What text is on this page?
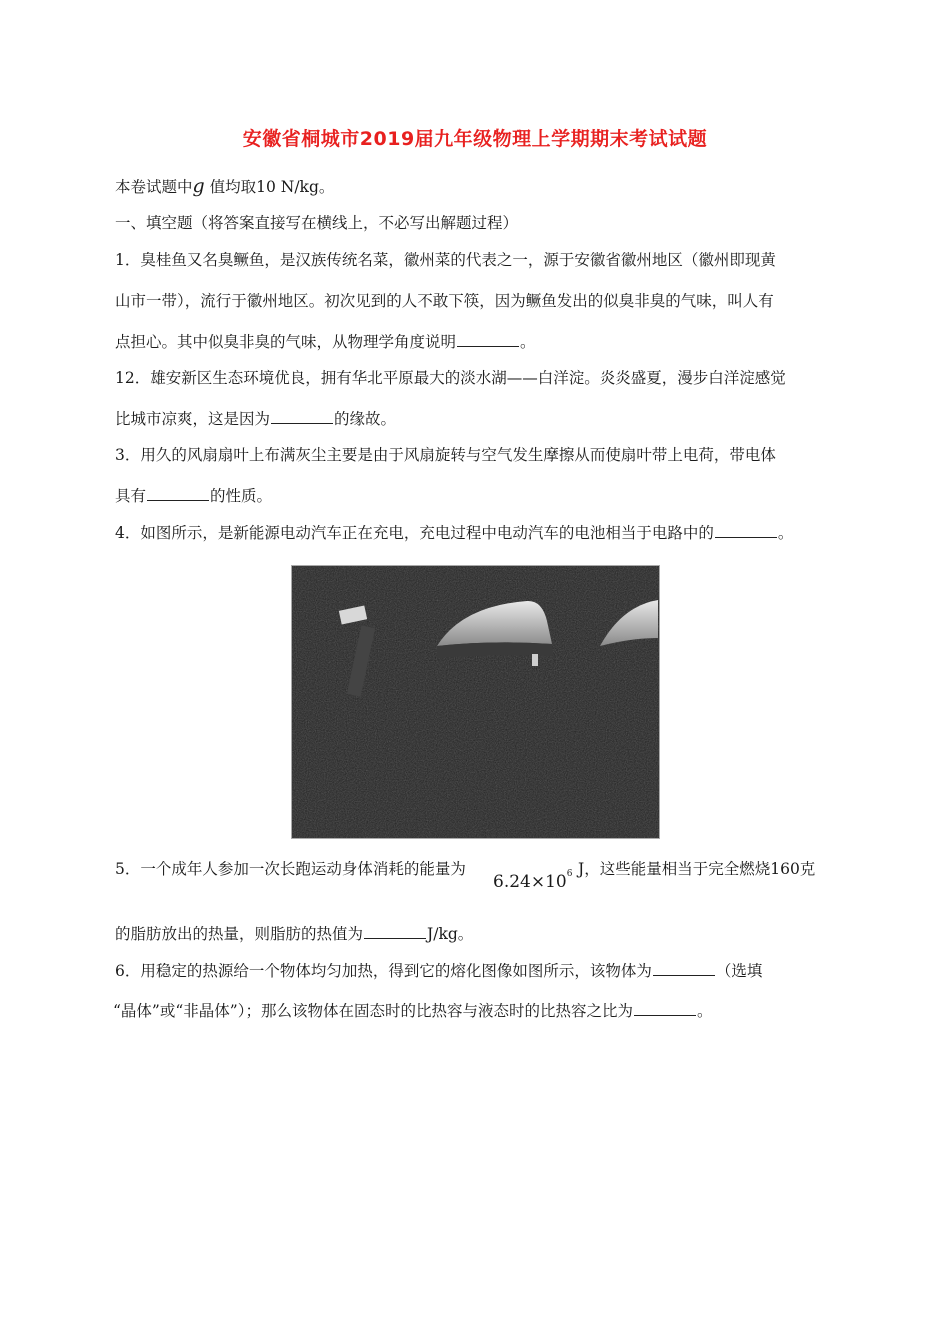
安徽省桐城市2019届九年级物理上学期期末考试试题
本卷试题中g 值均取10 N/kg。
一、填空题（将答案直接写在横线上，不必写出解题过程）
1．臭桂鱼又名臭鳜鱼，是汉族传统名菜，徽州菜的代表之一，源于安徽省徽州地区（徽州即现黄
山市一带），流行于徽州地区。初次见到的人不敢下筷，因为鳜鱼发出的似臭非臭的气味，叫人有
点担心。其中似臭非臭的气味，从物理学角度说明	。
12．雄安新区生态环境优良，拥有华北平原最大的淡水湖——白洋淀。炎炎盛夏，漫步白洋淀感觉
比城市凉爽，这是因为	的缘故。
3．用久的风扇扇叶上布满灰尘主要是由于风扇旋转与空气发生摩擦从而使扇叶带上电荷，带电体
具有	的性质。
4．如图所示，是新能源电动汽车正在充电，充电过程中电动汽车的电池相当于电路中的	。
5．一个成年人参加一次长跑运动身体消耗的能量为
$6.24\times 10^6$ J，这些能量相当于完全燃烧160克
的脂肪放出的热量，则脂肪的热值为	J/kg。
6．用稳定的热源给一个物体均匀加热，得到它的熔化图像如图所示，该物体为	（选填
“晶体”或“非晶体”）；那么该物体在固态时的比热容与液态时的比热容之比为	。
